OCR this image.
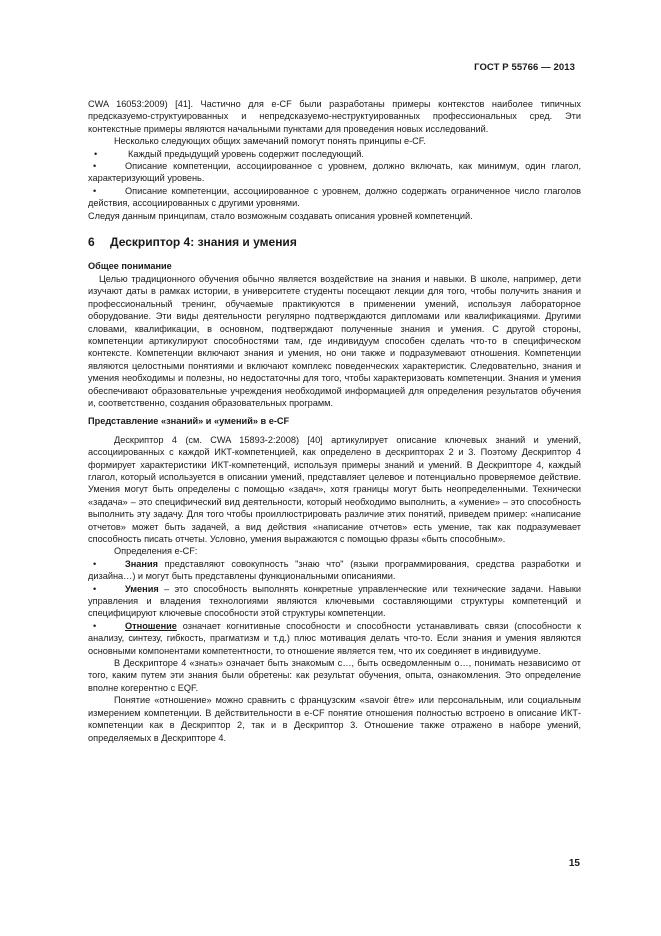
ГОСТ Р 55766 — 2013

CWA 16053:2009) [41]. Частично для e-CF были разработаны примеры контекстов наиболее типичных предсказуемо-структуированных и непредсказуемо-неструктуированных профессиональных сред. Эти контекстные примеры являются начальными пунктами для проведения новых исследований.

Несколько следующих общих замечаний помогут понять принципы e-CF.

•	Каждый предыдущий уровень содержит последующий.
•	Описание компетенции, ассоциированное с уровнем, должно включать, как минимум, один глагол, характеризующий уровень.
•	Описание компетенции, ассоциированное с уровнем, должно содержать ограниченное число глаголов действия, ассоциированных с другими уровнями.

Следуя данным принципам, стало возможным создавать описания уровней компетенций.

6 Дескриптор 4: знания и умения

Общее понимание

Целью традиционного обучения обычно является воздействие на знания и навыки. В школе, например, дети изучают даты в рамках истории, в университете студенты посещают лекции для того, чтобы получить знания и профессиональный тренинг, обучаемые практикуются в применении умений, используя лабораторное оборудование. Эти виды деятельности регулярно подтверждаются дипломами или квалификациями. Другими словами, квалификации, в основном, подтверждают полученные знания и умения. С другой стороны, компетенции артикулируют способностями там, где индивидуум способен сделать что-то в специфическом контексте. Компетенции включают знания и умения, но они также и подразумевают отношения. Компетенции являются целостными понятиями и включают комплекс поведенческих характеристик. Следовательно, знания и умения необходимы и полезны, но недостаточны для того, чтобы характеризовать компетенции. Знания и умения обеспечивают образовательные учреждения необходимой информацией для определения результатов обучения и, соответственно, создания образовательных программ.

Представление «знаний» и «умений» в e-CF

Дескриптор 4 (см. CWA 15893-2:2008) [40] артикулирует описание ключевых знаний и умений, ассоциированных с каждой ИКТ-компетенцией, как определено в дескрипторах 2 и 3. Поэтому Дескриптор 4 формирует характеристики ИКТ-компетенций, используя примеры знаний и умений. В Дескрипторе 4, каждый глагол, который используется в описании умений, представляет целевое и потенциально проверяемое действие. Умения могут быть определены с помощью «задач», хотя границы могут быть неопределенными. Технически «задача» – это специфический вид деятельности, который необходимо выполнить, а «умение» – это способность выполнить эту задачу. Для того чтобы проиллюстрировать различие этих понятий, приведем пример: «написание отчетов» может быть задачей, а вид действия «написание отчетов» есть умение, так как подразумевает способность писать отчеты. Условно, умения выражаются с помощью фразы «быть способным».

Определения e-CF:

•	Знания представляют совокупность "знаю что" (языки программирования, средства разработки и дизайна…) и могут быть представлены функциональными описаниями.
•	Умения – это способность выполнять конкретные управленческие или технические задачи. Навыки управления и владения технологиями являются ключевыми составляющими структуры компетенций и специфицируют ключевые способности этой структуры компетенции.
•	Отношение означает когнитивные способности и способности устанавливать связи (способности к анализу, синтезу, гибкость, прагматизм и т.д.) плюс мотивация делать что-то. Если знания и умения являются основными компонентами компетентности, то отношение является тем, что их соединяет в индивидууме.

В Дескрипторе 4 «знать» означает быть знакомым с…, быть осведомленным о…, понимать независимо от того, каким путем эти знания были обретены: как результат обучения, опыта, ознакомления. Это определение вполне когерентно с EQF.

Понятие «отношение» можно сравнить с французским «savoir être» или персональным, или социальным измерением компетенции. В действительности в e-CF понятие отношения полностью встроено в описание ИКТ-компетенции как в Дескриптор 2, так и в Дескриптор 3. Отношение также отражено в наборе умений, определяемых в Дескрипторе 4.

15
